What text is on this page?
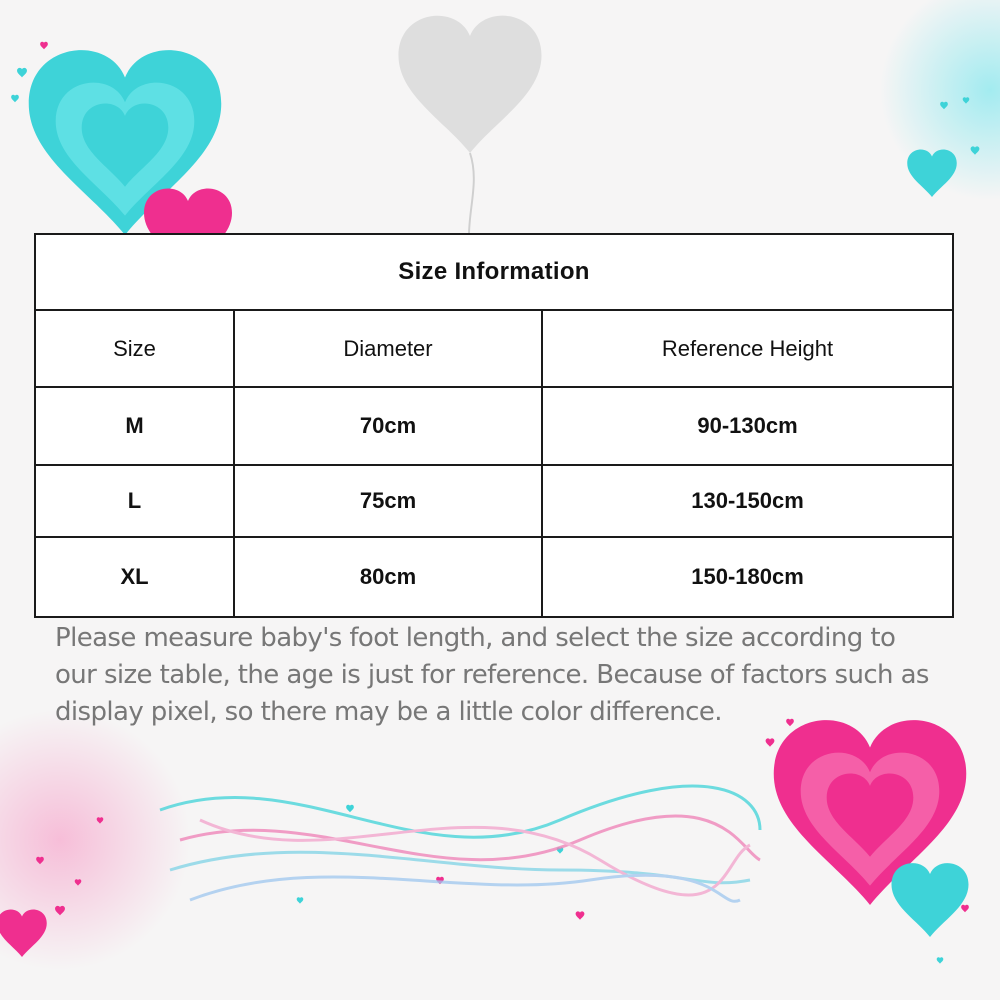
Size Information		
Size	Diameter	Reference Height
M	70cm	90-130cm
L	75cm	130-150cm
XL	80cm	150-180cm

Please measure baby's foot length, and select the size according to our size table, the age is just for reference. Because of factors such as display pixel, so there may be a little color difference.
